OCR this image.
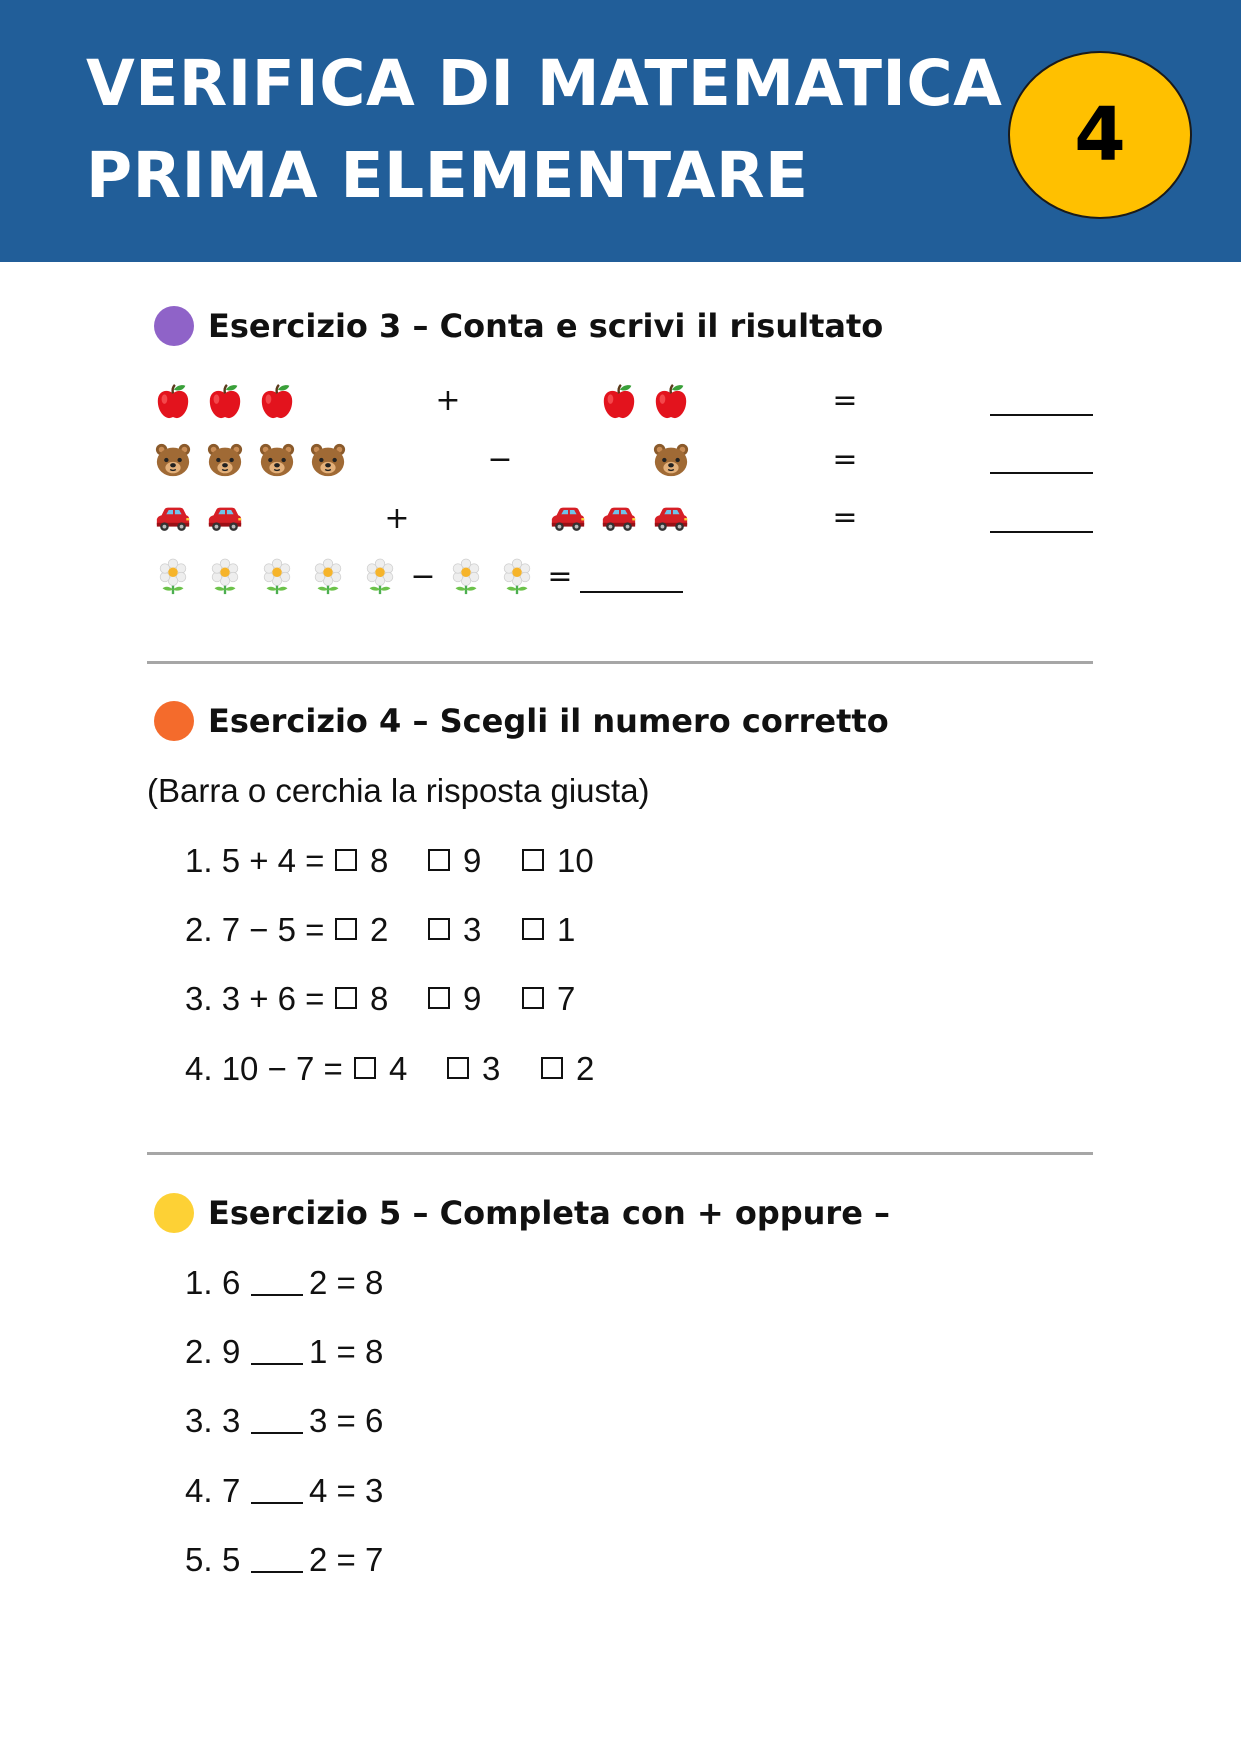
VERIFICA DI MATEMATICA
PRIMA ELEMENTARE	4
Esercizio 3 – Conta e scrivi il risultato
+	=
−	=
+	=
−	=
Esercizio 4 – Scegli il numero corretto
(Barra o cerchia la risposta giusta)
1. 5 + 4 = 8 9 10
2. 7 − 5 = 2 3 1
3. 3 + 6 = 8 9 7
4. 10 − 7 = 4 3 2
Esercizio 5 – Completa con + oppure –
1. 6 2 = 8
2. 9 1 = 8
3. 3 3 = 6
4. 7 4 = 3
5. 5 2 = 7
